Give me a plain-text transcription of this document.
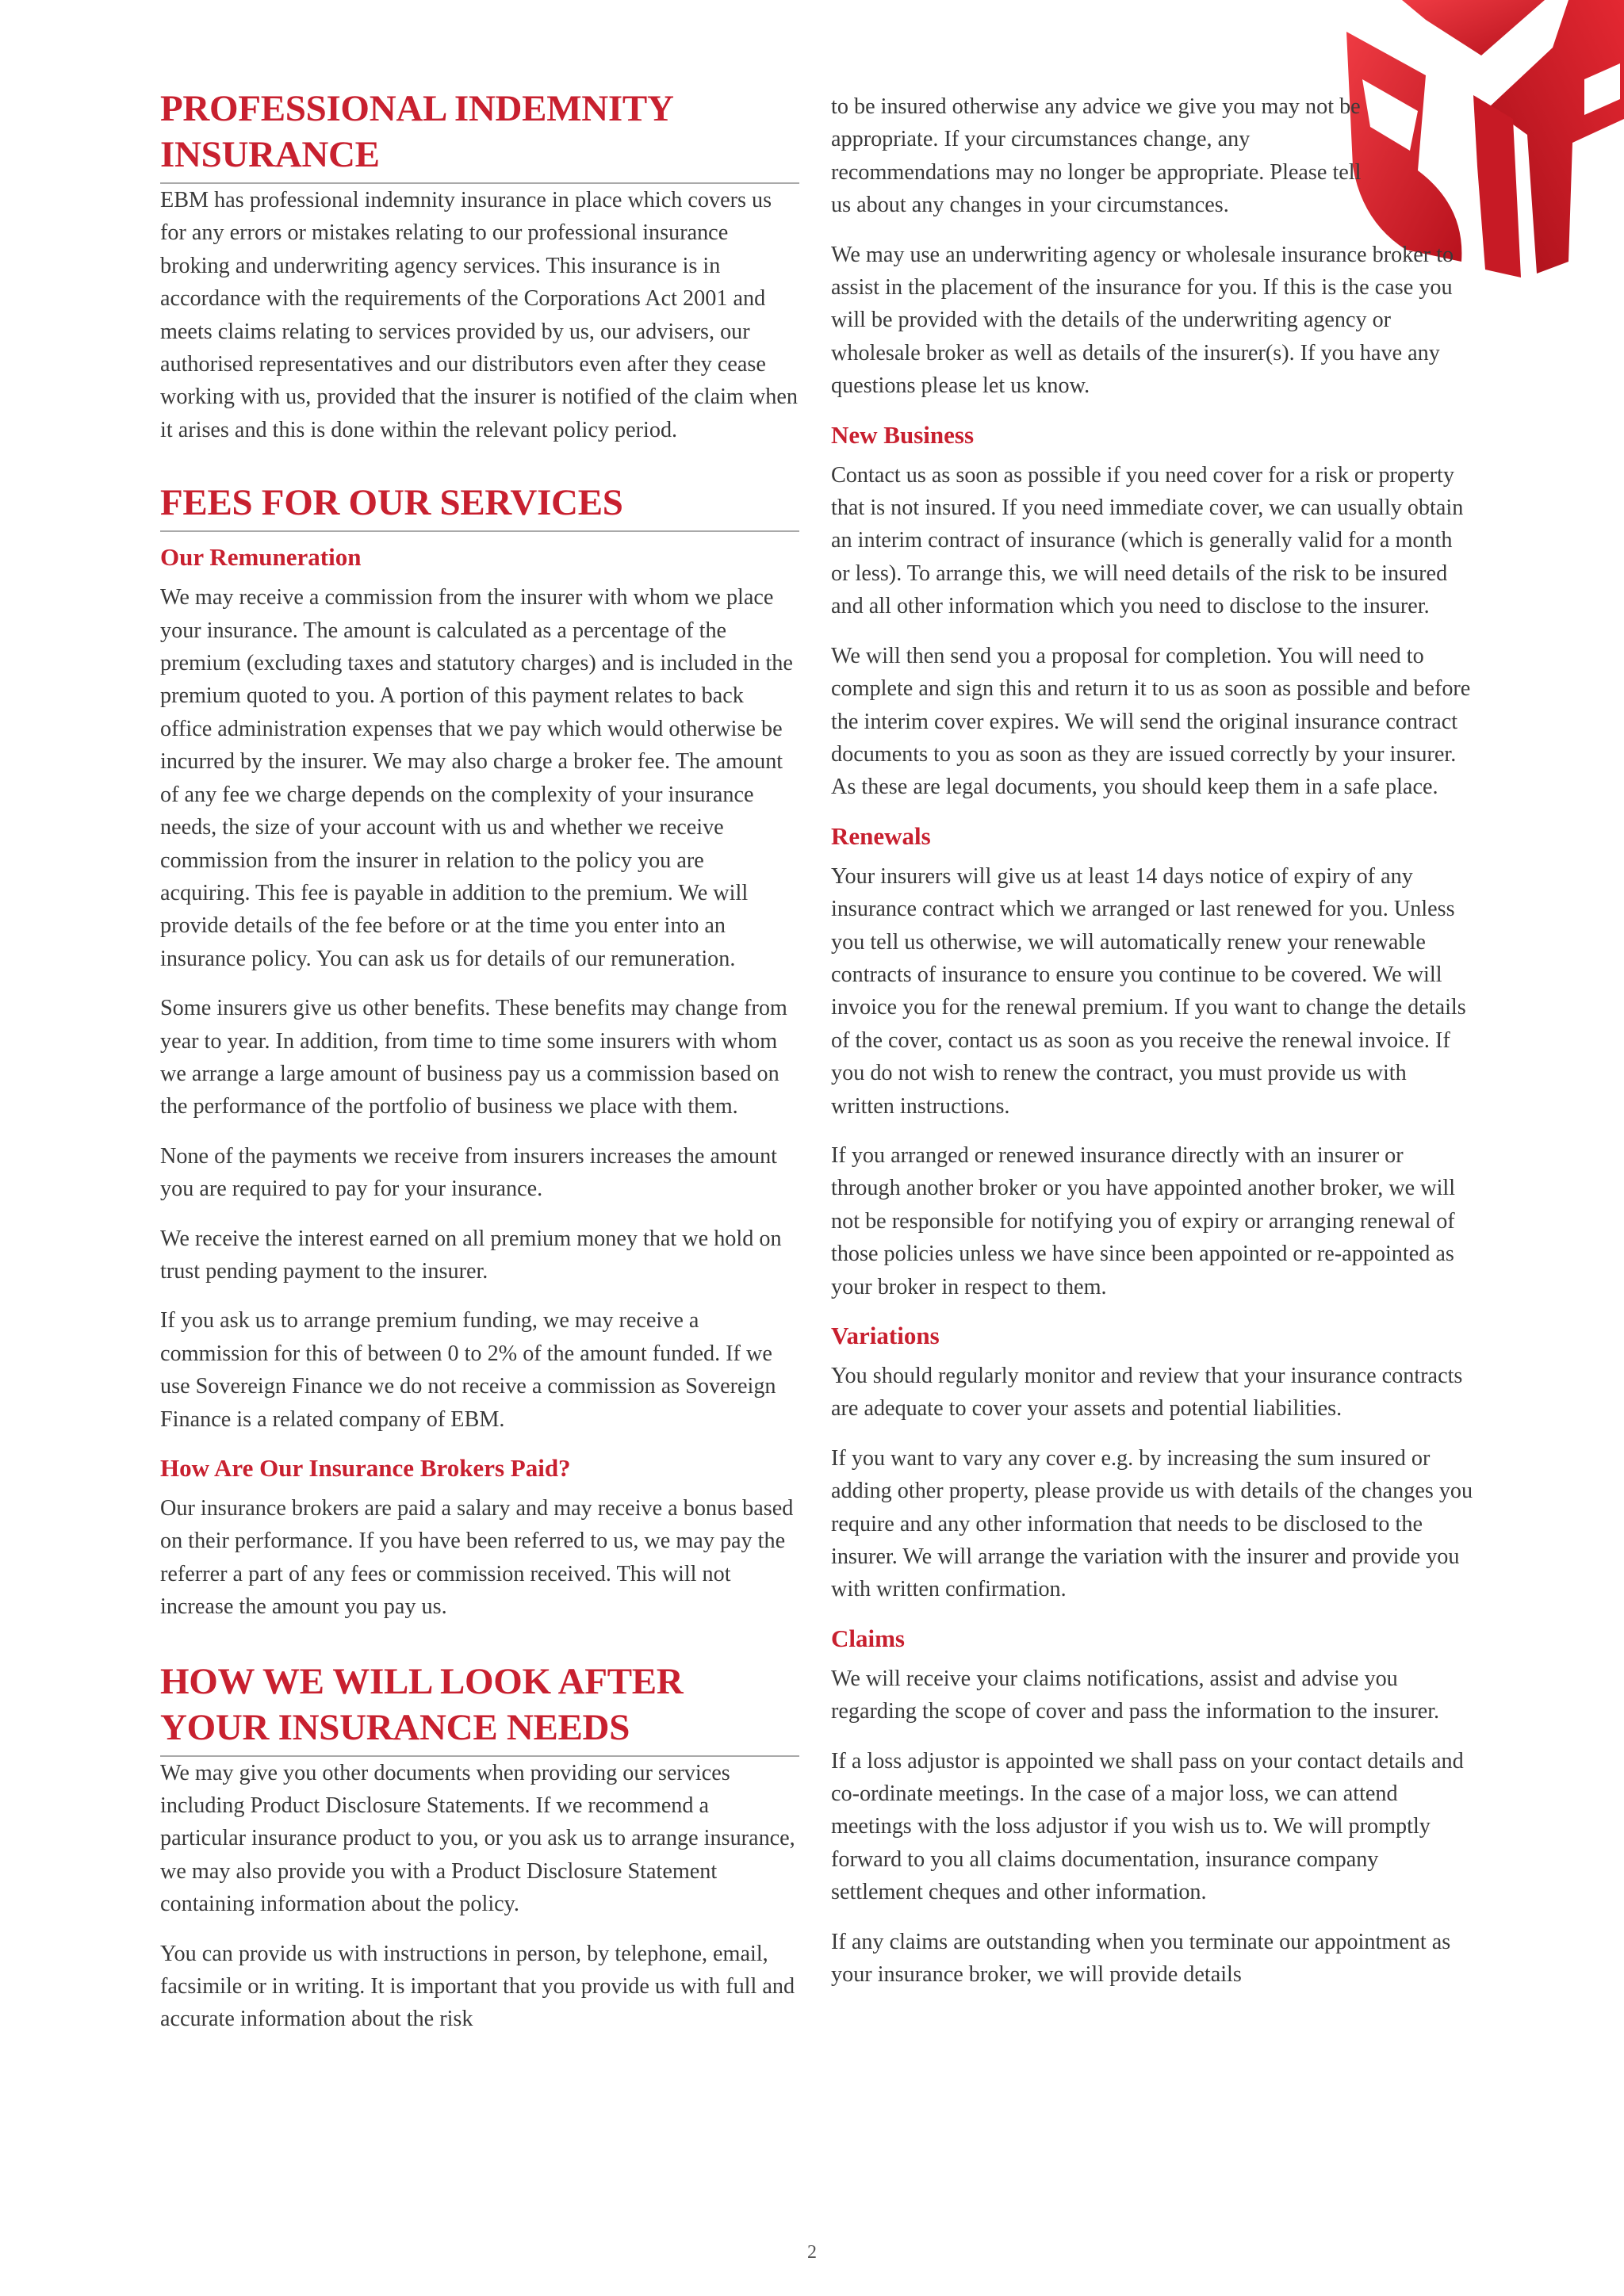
PROFESSIONAL INDEMNITY INSURANCE

EBM has professional indemnity insurance in place which covers us for any errors or mistakes relating to our professional insurance broking and underwriting agency services. This insurance is in accordance with the requirements of the Corporations Act 2001 and meets claims relating to services provided by us, our advisers, our authorised representatives and our distributors even after they cease working with us, provided that the insurer is notified of the claim when it arises and this is done within the relevant policy period.

FEES FOR OUR SERVICES
Our Remuneration

We may receive a commission from the insurer with whom we place your insurance. The amount is calculated as a percentage of the premium (excluding taxes and statutory charges) and is included in the premium quoted to you. A portion of this payment relates to back office administration expenses that we pay which would otherwise be incurred by the insurer. We may also charge a broker fee. The amount of any fee we charge depends on the complexity of your insurance needs, the size of your account with us and whether we receive commission from the insurer in relation to the policy you are acquiring. This fee is payable in addition to the premium. We will provide details of the fee before or at the time you enter into an insurance policy. You can ask us for details of our remuneration.

Some insurers give us other benefits. These benefits may change from year to year. In addition, from time to time some insurers with whom we arrange a large amount of business pay us a commission based on the performance of the portfolio of business we place with them.

None of the payments we receive from insurers increases the amount you are required to pay for your insurance.

We receive the interest earned on all premium money that we hold on trust pending payment to the insurer.

If you ask us to arrange premium funding, we may receive a commission for this of between 0 to 2% of the amount funded. If we use Sovereign Finance we do not receive a commission as Sovereign Finance is a related company of EBM.

How Are Our Insurance Brokers Paid?

Our insurance brokers are paid a salary and may receive a bonus based on their performance. If you have been referred to us, we may pay the referrer a part of any fees or commission received. This will not increase the amount you pay us.

HOW WE WILL LOOK AFTER YOUR INSURANCE NEEDS

We may give you other documents when providing our services including Product Disclosure Statements. If we recommend a particular insurance product to you, or you ask us to arrange insurance, we may also provide you with a Product Disclosure Statement containing information about the policy.

You can provide us with instructions in person, by telephone, email, facsimile or in writing. It is important that you provide us with full and accurate information about the risk

to be insured otherwise any advice we give you may not be appropriate. If your circumstances change, any recommendations may no longer be appropriate. Please tell us about any changes in your circumstances.

We may use an underwriting agency or wholesale insurance broker to assist in the placement of the insurance for you. If this is the case you will be provided with the details of the underwriting agency or wholesale broker as well as details of the insurer(s). If you have any questions please let us know.

New Business

Contact us as soon as possible if you need cover for a risk or property that is not insured. If you need immediate cover, we can usually obtain an interim contract of insurance (which is generally valid for a month or less). To arrange this, we will need details of the risk to be insured and all other information which you need to disclose to the insurer.

We will then send you a proposal for completion. You will need to complete and sign this and return it to us as soon as possible and before the interim cover expires. We will send the original insurance contract documents to you as soon as they are issued correctly by your insurer. As these are legal documents, you should keep them in a safe place.

Renewals

Your insurers will give us at least 14 days notice of expiry of any insurance contract which we arranged or last renewed for you. Unless you tell us otherwise, we will automatically renew your renewable contracts of insurance to ensure you continue to be covered. We will invoice you for the renewal premium. If you want to change the details of the cover, contact us as soon as you receive the renewal invoice. If you do not wish to renew the contract, you must provide us with written instructions.

If you arranged or renewed insurance directly with an insurer or through another broker or you have appointed another broker, we will not be responsible for notifying you of expiry or arranging renewal of those policies unless we have since been appointed or re-appointed as your broker in respect to them.

Variations

You should regularly monitor and review that your insurance contracts are adequate to cover your assets and potential liabilities.

If you want to vary any cover e.g. by increasing the sum insured or adding other property, please provide us with details of the changes you require and any other information that needs to be disclosed to the insurer. We will arrange the variation with the insurer and provide you with written confirmation.

Claims

We will receive your claims notifications, assist and advise you regarding the scope of cover and pass the information to the insurer.

If a loss adjustor is appointed we shall pass on your contact details and co-ordinate meetings. In the case of a major loss, we can attend meetings with the loss adjustor if you wish us to. We will promptly forward to you all claims documentation, insurance company settlement cheques and other information.

If any claims are outstanding when you terminate our appointment as your insurance broker, we will provide details

2
